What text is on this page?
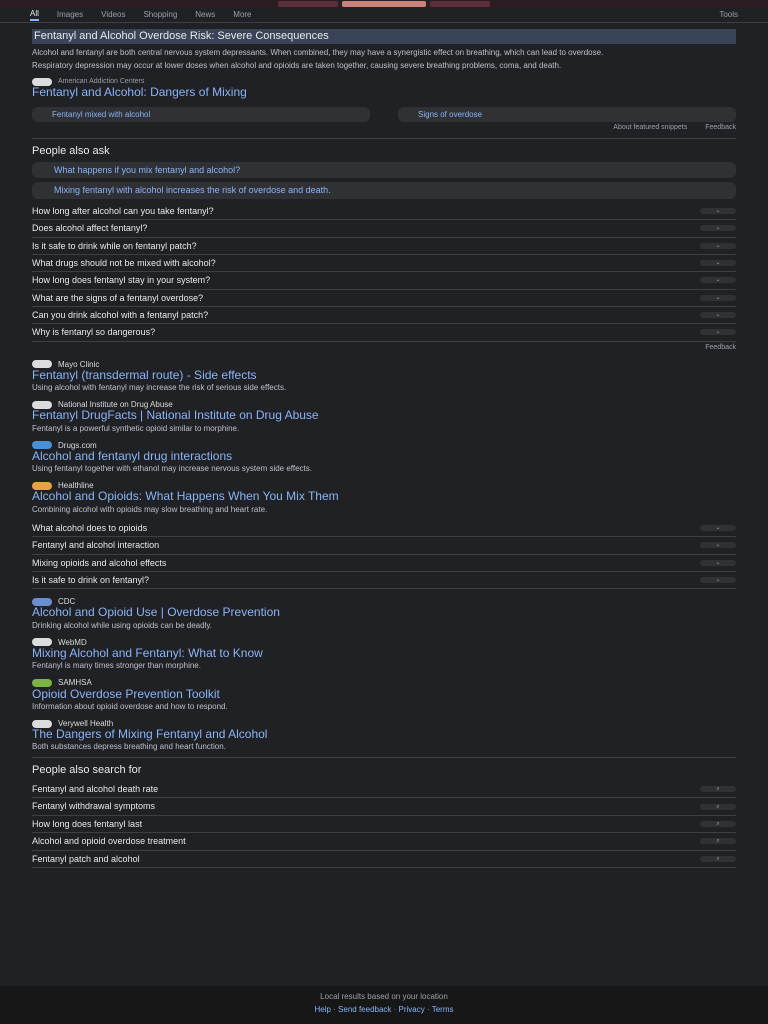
All Images Videos Shopping News More	Tools
Fentanyl and Alcohol Overdose Risk: Severe Consequences
Alcohol and fentanyl are both central nervous system depressants. When combined, they may have a synergistic effect on breathing, which can lead to overdose.
Respiratory depression may occur at lower doses when alcohol and opioids are taken together, causing severe breathing problems, coma, and death.
American Addiction Centers
Fentanyl and Alcohol: Dangers of Mixing
Fentanyl mixed with alcohol	Signs of overdose
About featured snippets	Feedback
People also ask
What happens if you mix fentanyl and alcohol?
Mixing fentanyl with alcohol increases the risk of overdose and death.
How long after alcohol can you take fentanyl?	⌄
Does alcohol affect fentanyl?	⌄
Is it safe to drink while on fentanyl patch?	⌄
What drugs should not be mixed with alcohol?	⌄
How long does fentanyl stay in your system?	⌄
What are the signs of a fentanyl overdose?	⌄
Can you drink alcohol with a fentanyl patch?	⌄
Why is fentanyl so dangerous?	⌄
Feedback
Mayo Clinic
Fentanyl (transdermal route) - Side effects
Using alcohol with fentanyl may increase the risk of serious side effects.
National Institute on Drug Abuse
Fentanyl DrugFacts | National Institute on Drug Abuse
Fentanyl is a powerful synthetic opioid similar to morphine.
Drugs.com
Alcohol and fentanyl drug interactions
Using fentanyl together with ethanol may increase nervous system side effects.
Healthline
Alcohol and Opioids: What Happens When You Mix Them
Combining alcohol with opioids may slow breathing and heart rate.
What alcohol does to opioids	⌄
Fentanyl and alcohol interaction	⌄
Mixing opioids and alcohol effects	⌄
Is it safe to drink on fentanyl?	⌄
CDC
Alcohol and Opioid Use | Overdose Prevention
Drinking alcohol while using opioids can be deadly.
WebMD
Mixing Alcohol and Fentanyl: What to Know
Fentanyl is many times stronger than morphine.
SAMHSA
Opioid Overdose Prevention Toolkit
Information about opioid overdose and how to respond.
Verywell Health
The Dangers of Mixing Fentanyl and Alcohol
Both substances depress breathing and heart function.
People also search for
Fentanyl and alcohol death rate	⌕
Fentanyl withdrawal symptoms	⌕
How long does fentanyl last	⌕
Alcohol and opioid overdose treatment	⌕
Fentanyl patch and alcohol	⌕
Local results based on your location
Help · Send feedback · Privacy · Terms
